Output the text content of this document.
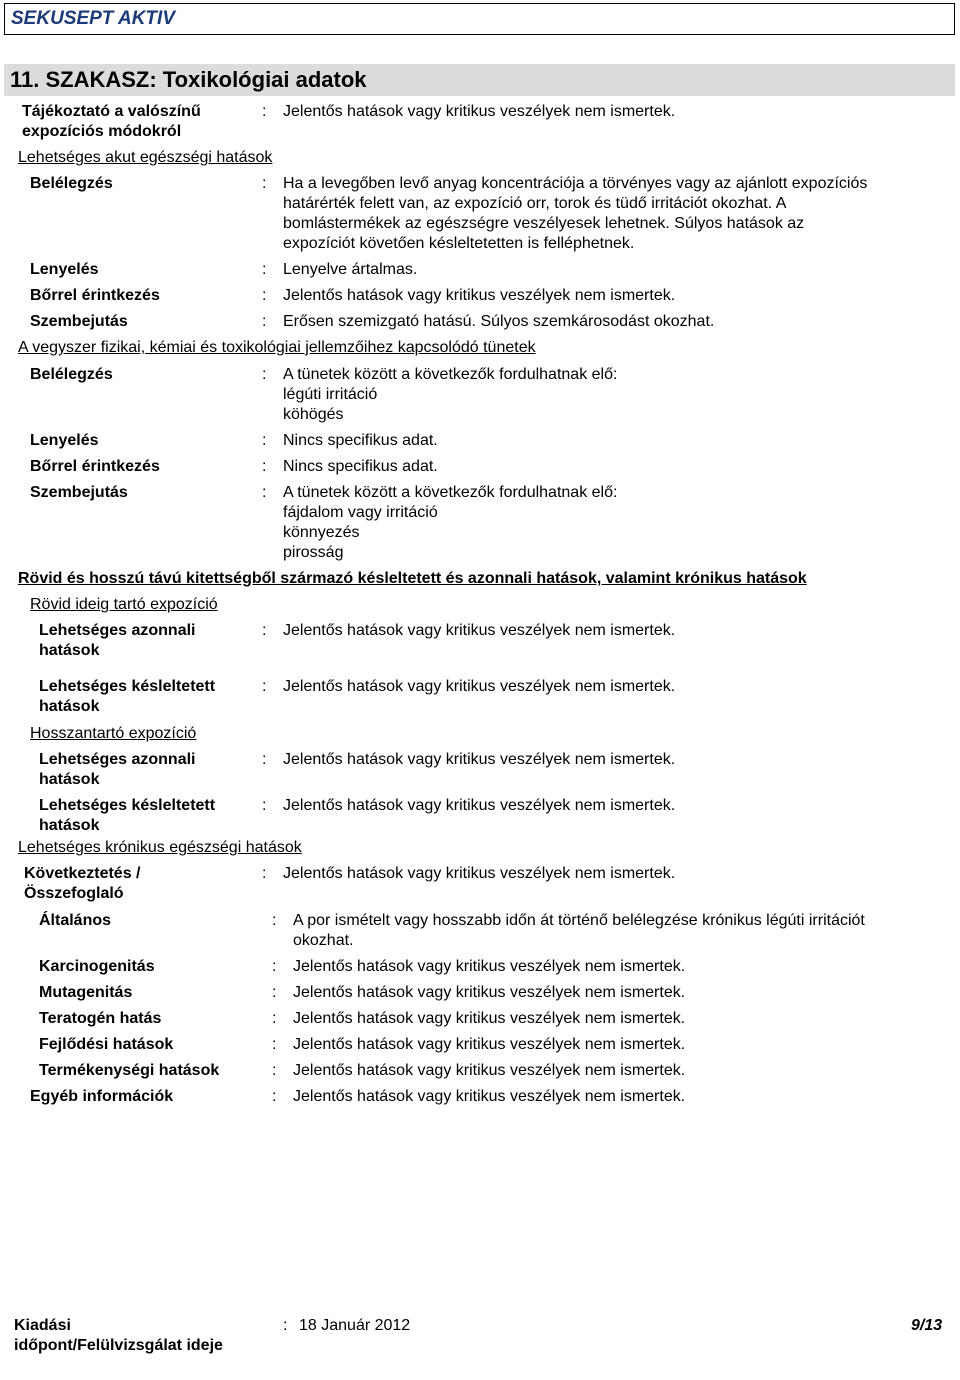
SEKUSEPT AKTIV
11. SZAKASZ: Toxikológiai adatok
Tájékoztató a valószínű
expozíciós módokról
: Jelentős hatások vagy kritikus veszélyek nem ismertek.
Lehetséges akut egészségi hatások
Belélegzés	: Ha a levegőben levő anyag koncentrációja a törvényes vagy az ajánlott expozíciós
határérték felett van, az expozíció orr, torok és tüdő irritációt okozhat. A
bomlástermékek az egészségre veszélyesek lehetnek. Súlyos hatások az
expozíciót követően késleltetetten is felléphetnek.
Lenyelés	: Lenyelve ártalmas.
Bőrrel érintkezés	: Jelentős hatások vagy kritikus veszélyek nem ismertek.
Szembejutás	: Erősen szemizgató hatású. Súlyos szemkárosodást okozhat.
A vegyszer fizikai, kémiai és toxikológiai jellemzőihez kapcsolódó tünetek
Belélegzés	: A tünetek között a következők fordulhatnak elő:
légúti irritáció
köhögés
Lenyelés	: Nincs specifikus adat.
Bőrrel érintkezés	: Nincs specifikus adat.
Szembejutás	: A tünetek között a következők fordulhatnak elő:
fájdalom vagy irritáció
könnyezés
pirosság
Rövid és hosszú távú kitettségből származó késleltetett és azonnali hatások, valamint krónikus hatások
Rövid ideig tartó expozíció
Lehetséges azonnali
hatások
: Jelentős hatások vagy kritikus veszélyek nem ismertek.
Lehetséges késleltetett
hatások
: Jelentős hatások vagy kritikus veszélyek nem ismertek.
Hosszantartó expozíció
Lehetséges azonnali
hatások
: Jelentős hatások vagy kritikus veszélyek nem ismertek.
Lehetséges késleltetett
hatások
: Jelentős hatások vagy kritikus veszélyek nem ismertek.
Lehetséges krónikus egészségi hatások
Következtetés /
Összefoglaló
: Jelentős hatások vagy kritikus veszélyek nem ismertek.
Általános	: A por ismételt vagy hosszabb időn át történő belélegzése krónikus légúti irritációt
okozhat.
Karcinogenitás	: Jelentős hatások vagy kritikus veszélyek nem ismertek.
Mutagenitás	: Jelentős hatások vagy kritikus veszélyek nem ismertek.
Teratogén hatás	: Jelentős hatások vagy kritikus veszélyek nem ismertek.
Fejlődési hatások	: Jelentős hatások vagy kritikus veszélyek nem ismertek.
Termékenységi hatások	: Jelentős hatások vagy kritikus veszélyek nem ismertek.
Egyéb információk	: Jelentős hatások vagy kritikus veszélyek nem ismertek.
Kiadási
időpont/Felülvizsgálat ideje
: 18 Január 2012	9/13
